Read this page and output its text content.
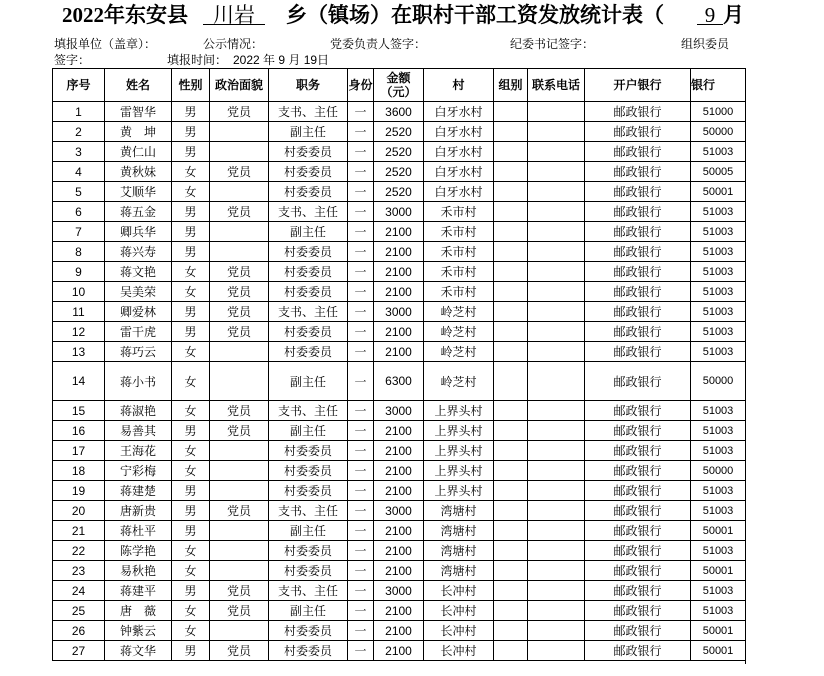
2022年东安县	川岩	乡（镇场）在职村干部工资发放统计表（	9 月
填报单位（盖章）：	公示情况：	党委负责人签字：	纪委书记签字：	组织委员
签字：	填报时间： 2022 年 9 月 19日
序号	姓名	性别	政治面貌	职务	身份	金额（元）	村	组别	联系电话	开户银行	银行
1	雷智华	男	党员	支书、主任	一	3600	白牙水村			邮政银行	51000
2	黄　坤	男		副主任	一	2520	白牙水村			邮政银行	50000
3	黄仁山	男		村委委员	一	2520	白牙水村			邮政银行	51003
4	黄秋妹	女	党员	村委委员	一	2520	白牙水村			邮政银行	50005
5	艾顺华	女		村委委员	一	2520	白牙水村			邮政银行	50001
6	蒋五金	男	党员	支书、主任	一	3000	禾市村			邮政银行	51003
7	卿兵华	男		副主任	一	2100	禾市村			邮政银行	51003
8	蒋兴寿	男		村委委员	一	2100	禾市村			邮政银行	51003
9	蒋文艳	女	党员	村委委员	一	2100	禾市村			邮政银行	51003
10	吴美荣	女	党员	村委委员	一	2100	禾市村			邮政银行	51003
11	卿爱林	男	党员	支书、主任	一	3000	岭芝村			邮政银行	51003
12	雷干虎	男	党员	村委委员	一	2100	岭芝村			邮政银行	51003
13	蒋巧云	女		村委委员	一	2100	岭芝村			邮政银行	51003
14	蒋小书	女		副主任	一	6300	岭芝村			邮政银行	50000
15	蒋淑艳	女	党员	支书、主任	一	3000	上界头村			邮政银行	51003
16	易善其	男	党员	副主任	一	2100	上界头村			邮政银行	51003
17	王海花	女		村委委员	一	2100	上界头村			邮政银行	51003
18	宁彩梅	女		村委委员	一	2100	上界头村			邮政银行	50000
19	蒋建楚	男		村委委员	一	2100	上界头村			邮政银行	51003
20	唐新贵	男	党员	支书、主任	一	3000	湾塘村			邮政银行	51003
21	蒋杜平	男		副主任	一	2100	湾塘村			邮政银行	50001
22	陈学艳	女		村委委员	一	2100	湾塘村			邮政银行	51003
23	易秋艳	女		村委委员	一	2100	湾塘村			邮政银行	50001
24	蒋建平	男	党员	支书、主任	一	3000	长冲村			邮政银行	51003
25	唐　薇	女	党员	副主任	一	2100	长冲村			邮政银行	51003
26	钟紫云	女		村委委员	一	2100	长冲村			邮政银行	50001
27	蒋文华	男	党员	村委委员	一	2100	长冲村			邮政银行	50001
